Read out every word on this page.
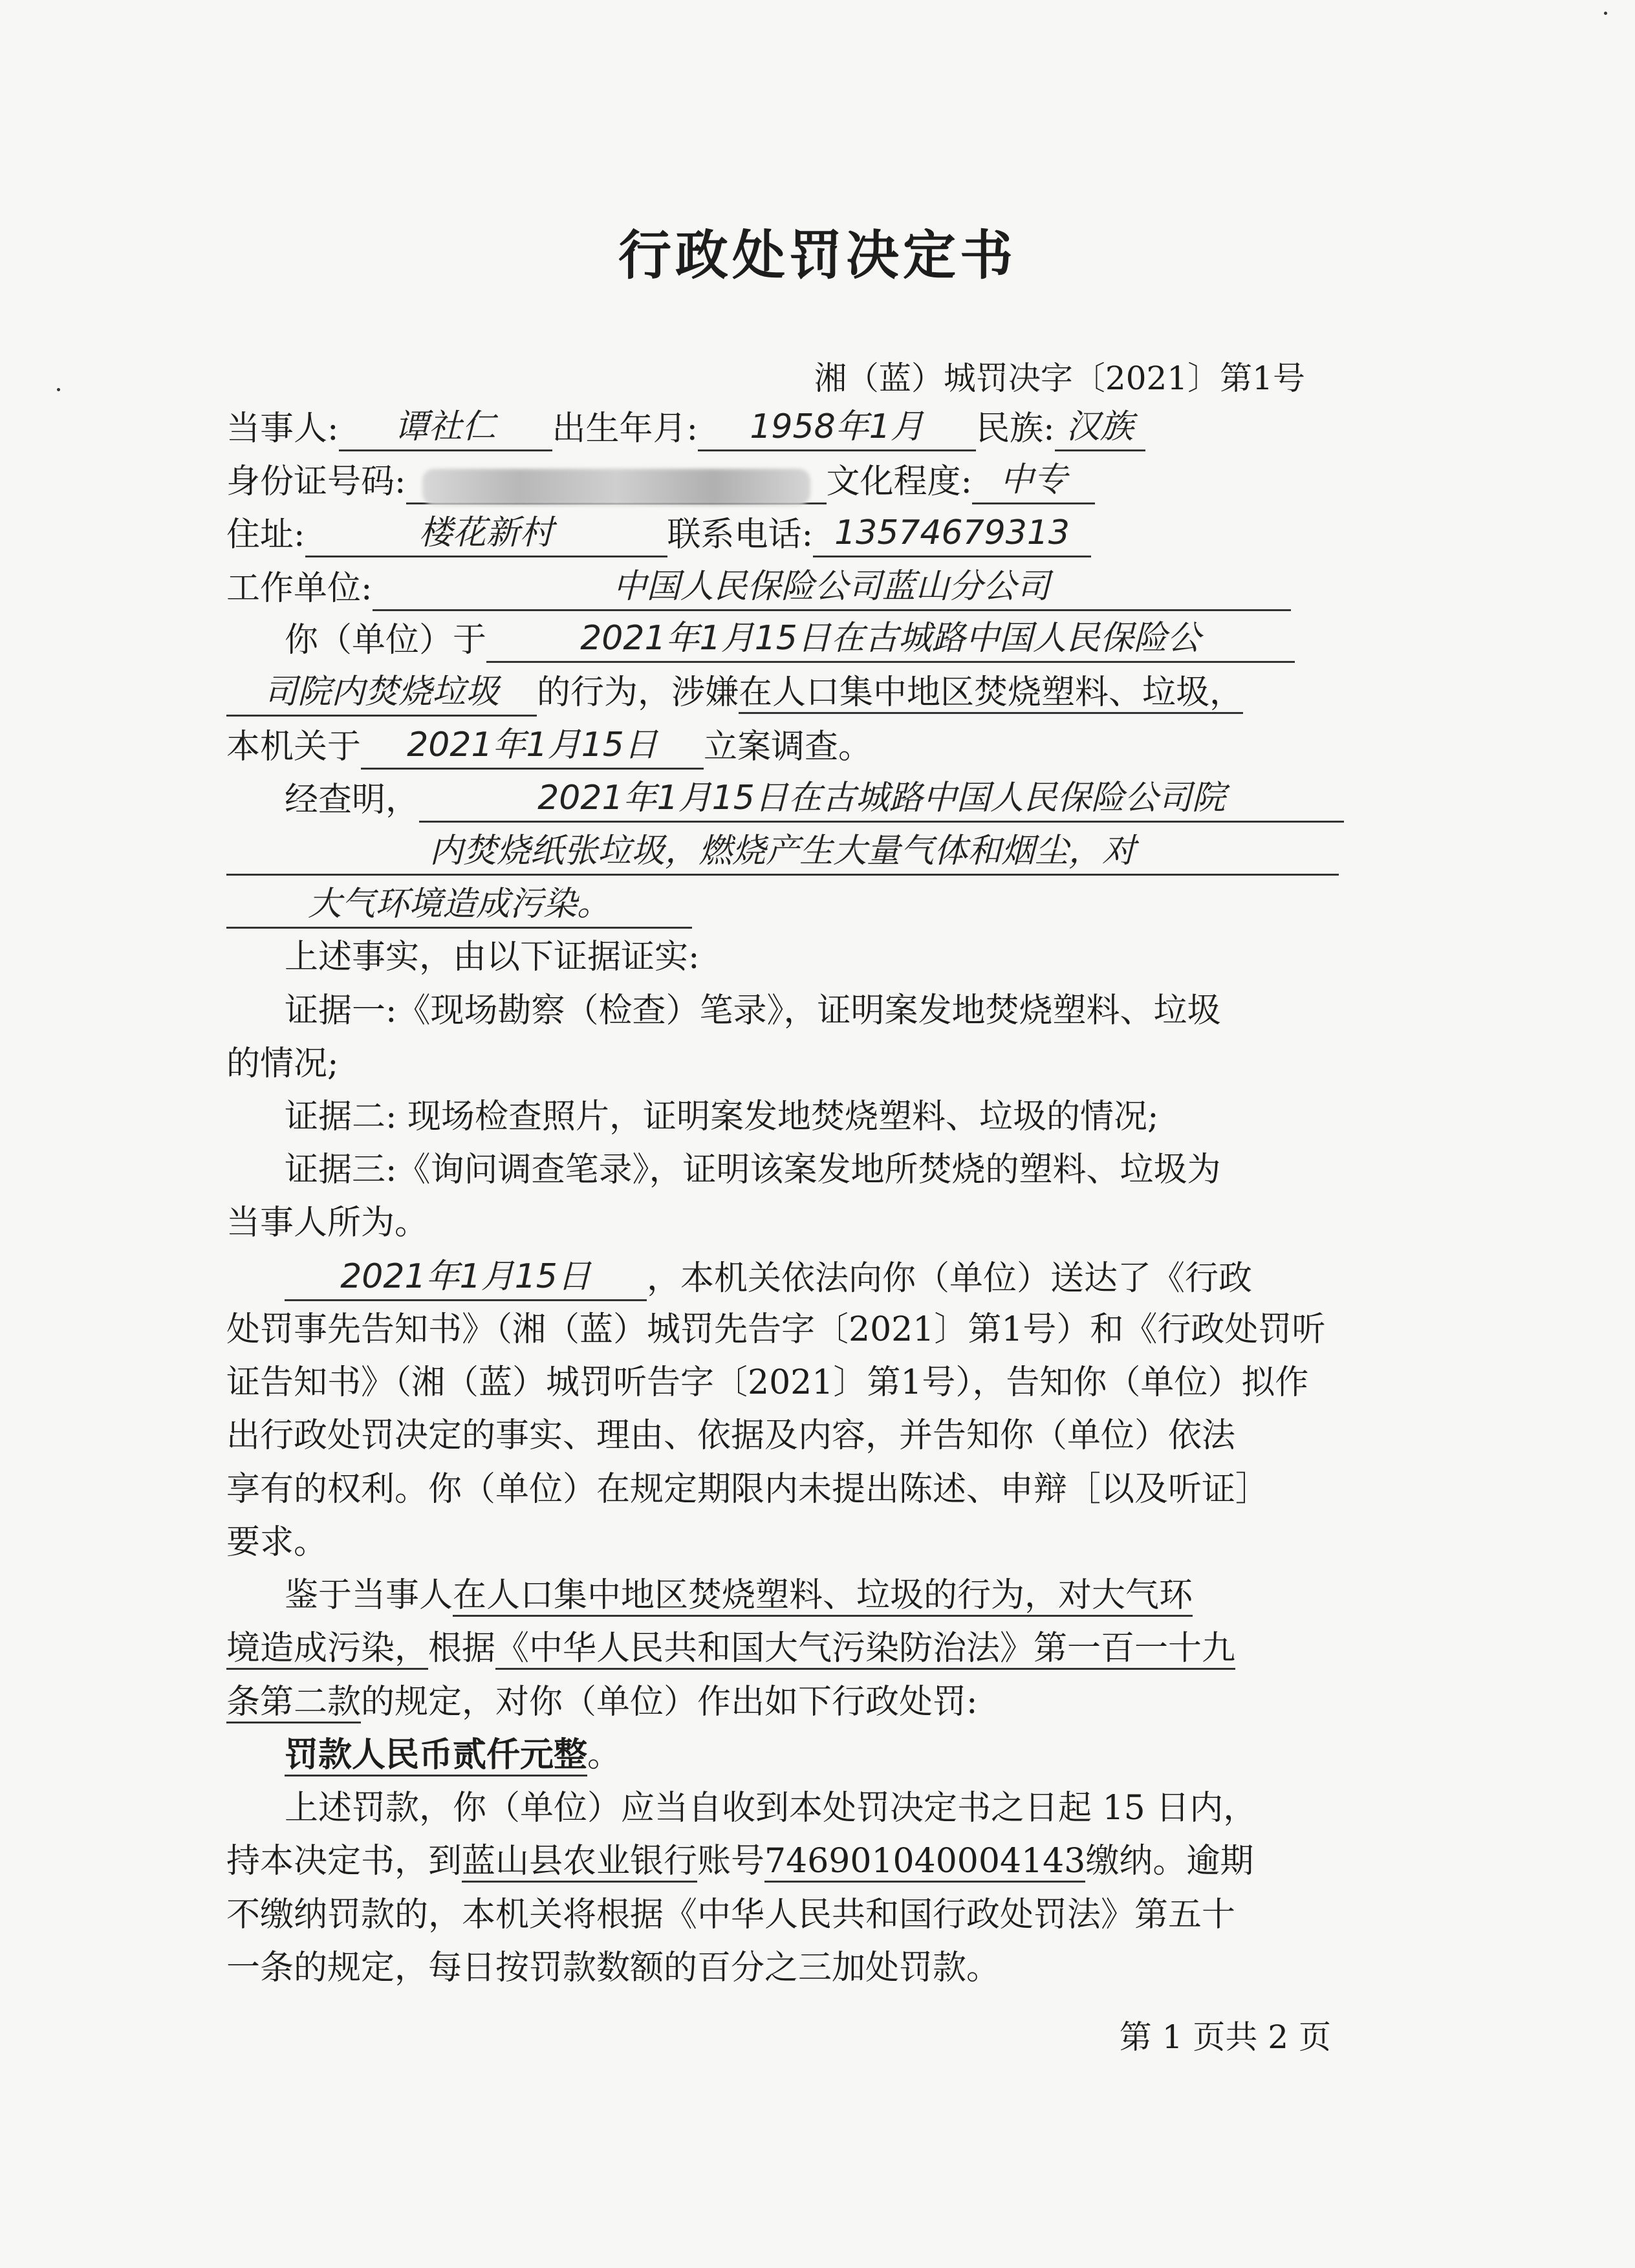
行政处罚决定书
湘（蓝）城罚决字〔2021〕第1号
当事人: 谭社仁 出生年月: 1958年1月 民族: 汉族
身份证号码:	文化程度: 中专
住址:	楼花新村	联系电话: 13574679313
工作单位:	中国人民保险公司蓝山分公司
你（单位）于	2021年1月15日在古城路中国人民保险公
司院内焚烧垃圾 的行为，涉嫌在人口集中地区焚烧塑料、垃圾，
本机关于 2021年1月15日 立案调查。
经查明，	2021年1月15日在古城路中国人民保险公司院
内焚烧纸张垃圾，燃烧产生大量气体和烟尘，对
大气环境造成污染。
上述事实，由以下证据证实:
证据一:《现场勘察（检查）笔录》，证明案发地焚烧塑料、垃圾
的情况;
证据二: 现场检查照片，证明案发地焚烧塑料、垃圾的情况;
证据三:《询问调查笔录》，证明该案发地所焚烧的塑料、垃圾为
当事人所为。
2021年1月15日 ，本机关依法向你（单位）送达了《行政
处罚事先告知书》（湘（蓝）城罚先告字〔2021〕第1号）和《行政处罚听
证告知书》（湘（蓝）城罚听告字〔2021〕第1号），告知你（单位）拟作
出行政处罚决定的事实、理由、依据及内容，并告知你（单位）依法
享有的权利。你（单位）在规定期限内未提出陈述、申辩［以及听证］
要求。
鉴于当事人在人口集中地区焚烧塑料、垃圾的行为，对大气环
境造成污染，根据《中华人民共和国大气污染防治法》第一百一十九
条第二款的规定，对你（单位）作出如下行政处罚:
罚款人民币贰仟元整。
上述罚款，你（单位）应当自收到本处罚决定书之日起 15 日内，
持本决定书，到蓝山县农业银行账号746901040004143缴纳。逾期
不缴纳罚款的，本机关将根据《中华人民共和国行政处罚法》第五十
一条的规定，每日按罚款数额的百分之三加处罚款。
第 1 页共 2 页
